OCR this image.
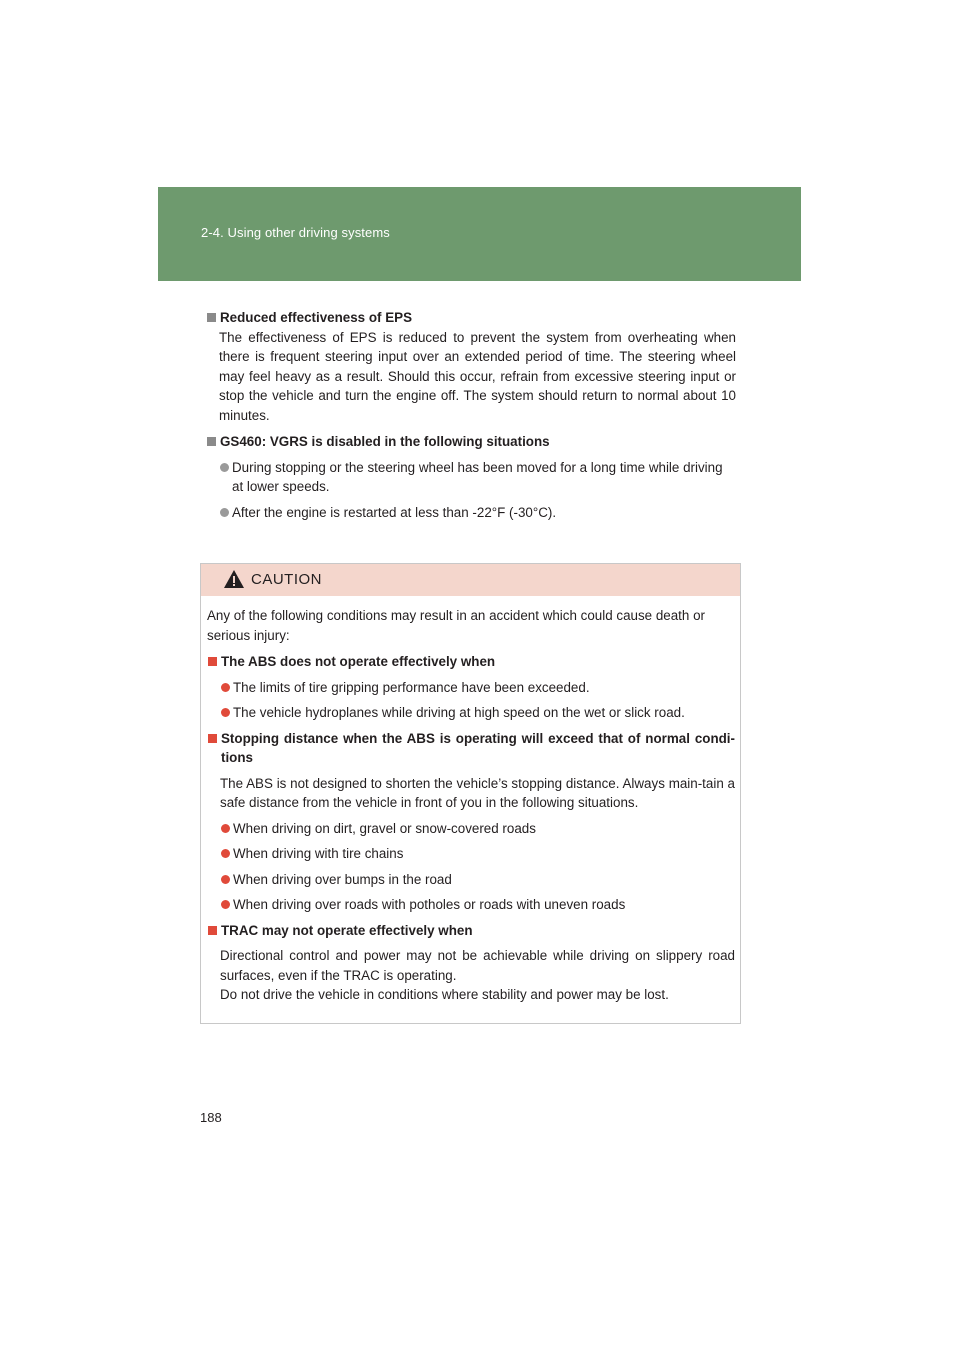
2-4. Using other driving systems

Reduced effectiveness of EPS

The effectiveness of EPS is reduced to prevent the system from overheating when there is frequent steering input over an extended period of time. The steering wheel may feel heavy as a result. Should this occur, refrain from excessive steering input or stop the vehicle and turn the engine off. The system should return to normal about 10 minutes.

GS460: VGRS is disabled in the following situations

During stopping or the steering wheel has been moved for a long time while driving at lower speeds.

After the engine is restarted at less than -22°F (-30°C).

CAUTION

Any of the following conditions may result in an accident which could cause death or serious injury:

The ABS does not operate effectively when

The limits of tire gripping performance have been exceeded.

The vehicle hydroplanes while driving at high speed on the wet or slick road.

Stopping distance when the ABS is operating will exceed that of normal condi-tions

The ABS is not designed to shorten the vehicle’s stopping distance. Always main-tain a safe distance from the vehicle in front of you in the following situations.

When driving on dirt, gravel or snow-covered roads

When driving with tire chains

When driving over bumps in the road

When driving over roads with potholes or roads with uneven roads

TRAC may not operate effectively when

Directional control and power may not be achievable while driving on slippery road surfaces, even if the TRAC is operating.

Do not drive the vehicle in conditions where stability and power may be lost.

188
